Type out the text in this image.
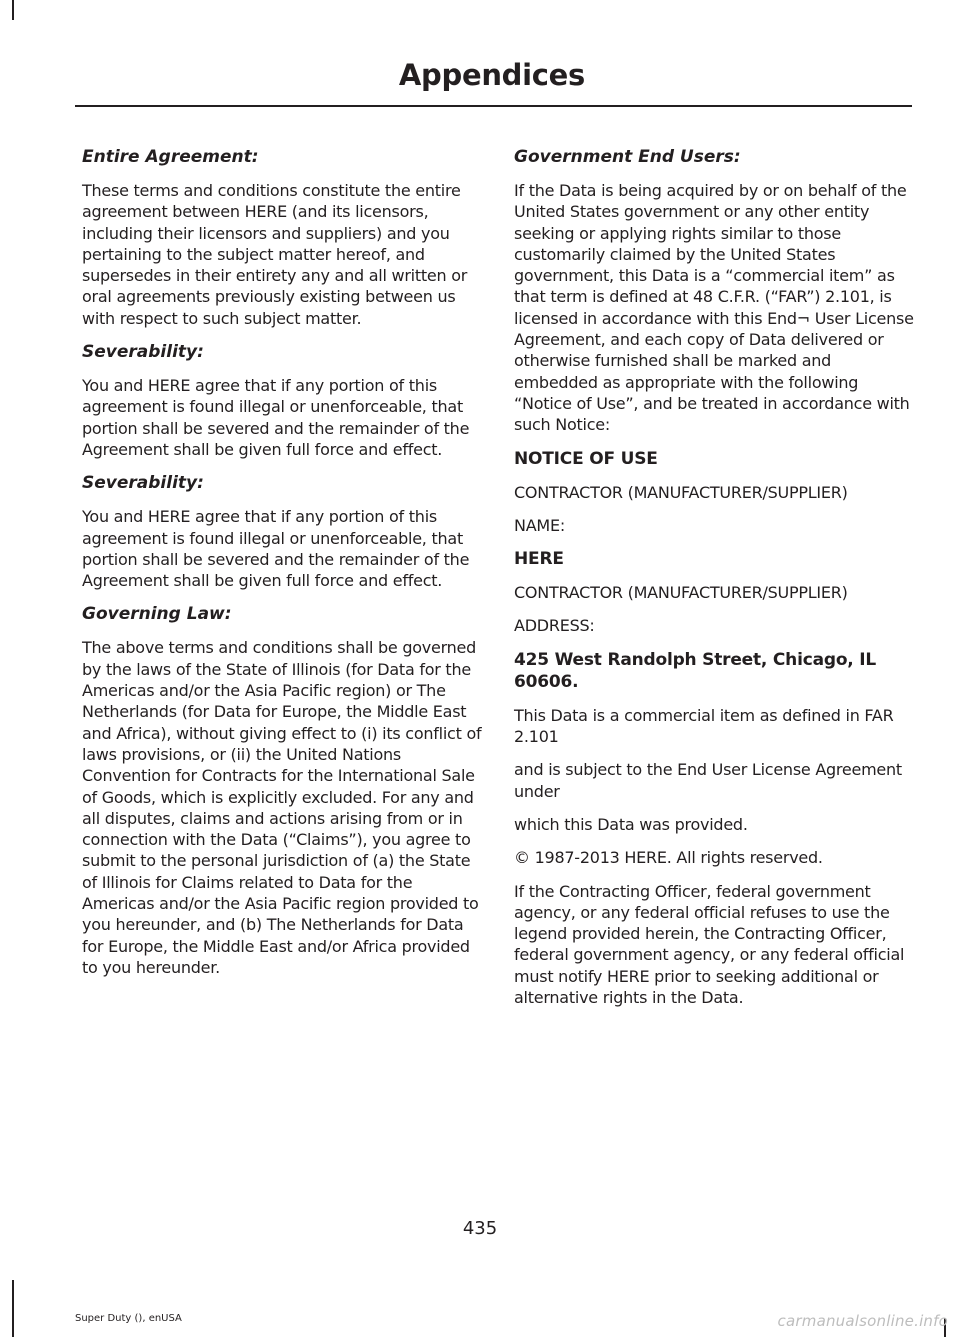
Appendices
Entire Agreement:
These terms and conditions constitute the entire agreement between HERE (and its licensors, including their licensors and suppliers) and you pertaining to the subject matter hereof, and supersedes in their entirety any and all written or oral agreements previously existing between us with respect to such subject matter.
Severability:
You and HERE agree that if any portion of this agreement is found illegal or unenforceable, that portion shall be severed and the remainder of the Agreement shall be given full force and effect.
Severability:
You and HERE agree that if any portion of this agreement is found illegal or unenforceable, that portion shall be severed and the remainder of the Agreement shall be given full force and effect.
Governing Law:
The above terms and conditions shall be governed by the laws of the State of Illinois (for Data for the Americas and/or the Asia Pacific region) or The Netherlands (for Data for Europe, the Middle East and Africa), without giving effect to (i) its conflict of laws provisions, or (ii) the United Nations Convention for Contracts for the International Sale of Goods, which is explicitly excluded. For any and all disputes, claims and actions arising from or in connection with the Data (“Claims”), you agree to submit to the personal jurisdiction of (a) the State of Illinois for Claims related to Data for the Americas and/or the Asia Pacific region provided to you hereunder, and (b) The Netherlands for Data for Europe, the Middle East and/or Africa provided to you hereunder.
Government End Users:
If the Data is being acquired by or on behalf of the United States government or any other entity seeking or applying rights similar to those customarily claimed by the United States government, this Data is a “commercial item” as that term is defined at 48 C.F.R. (“FAR”) 2.101, is licensed in accordance with this End¬ User License Agreement, and each copy of Data delivered or otherwise furnished shall be marked and embedded as appropriate with the following “Notice of Use”, and be treated in accordance with such Notice:
NOTICE OF USE
CONTRACTOR (MANUFACTURER/SUPPLIER)
NAME:
HERE
CONTRACTOR (MANUFACTURER/SUPPLIER)
ADDRESS:
425 West Randolph Street, Chicago, IL 60606.
This Data is a commercial item as defined in FAR 2.101
and is subject to the End User License Agreement under
which this Data was provided.
© 1987-2013 HERE. All rights reserved.
If the Contracting Officer, federal government agency, or any federal official refuses to use the legend provided herein, the Contracting Officer, federal government agency, or any federal official must notify HERE prior to seeking additional or alternative rights in the Data.
435
Super Duty (), enUSA	carmanualsonline.info
